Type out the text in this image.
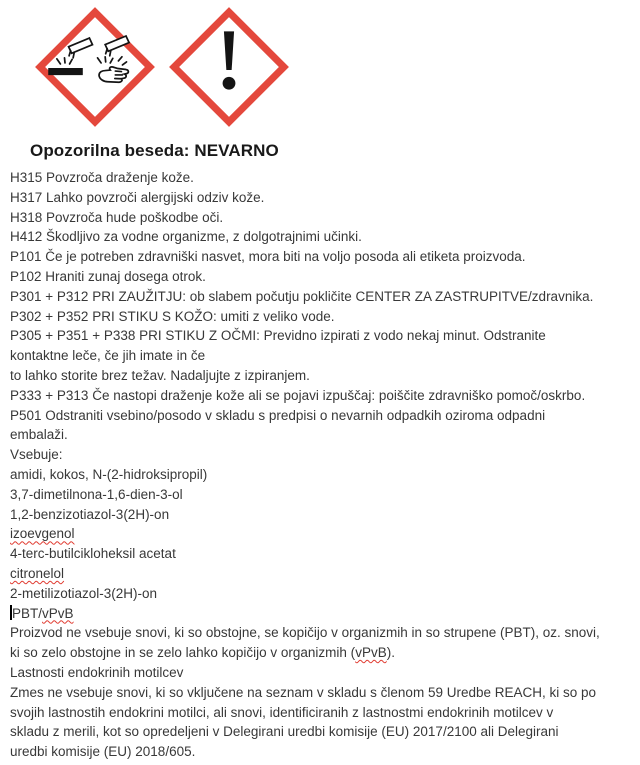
Opozorilna beseda: NEVARNO
H315 Povzroča draženje kože.
H317 Lahko povzroči alergijski odziv kože.
H318 Povzroča hude poškodbe oči.
H412 Škodljivo za vodne organizme, z dolgotrajnimi učinki.
P101 Če je potreben zdravniški nasvet, mora biti na voljo posoda ali etiketa proizvoda.
P102 Hraniti zunaj dosega otrok.
P301 + P312 PRI ZAUŽITJU: ob slabem počutju pokličite CENTER ZA ZASTRUPITVE/zdravnika.
P302 + P352 PRI STIKU S KOŽO: umiti z veliko vode.
P305 + P351 + P338 PRI STIKU Z OČMI: Previdno izpirati z vodo nekaj minut. Odstranite
kontaktne leče, če jih imate in če
to lahko storite brez težav. Nadaljujte z izpiranjem.
P333 + P313 Če nastopi draženje kože ali se pojavi izpuščaj: poiščite zdravniško pomoč/oskrbo.
P501 Odstraniti vsebino/posodo v skladu s predpisi o nevarnih odpadkih oziroma odpadni
embalaži.
Vsebuje:
amidi, kokos, N-(2-hidroksipropil)
3,7-dimetilnona-1,6-dien-3-ol
1,2-benzizotiazol-3(2H)-on
izoevgenol
4-terc-butilcikloheksil acetat
citronelol
2-metilizotiazol-3(2H)-on
PBT/vPvB
Proizvod ne vsebuje snovi, ki so obstojne, se kopičijo v organizmih in so strupene (PBT), oz. snovi,
ki so zelo obstojne in se zelo lahko kopičijo v organizmih (vPvB).
Lastnosti endokrinih motilcev
Zmes ne vsebuje snovi, ki so vključene na seznam v skladu s členom 59 Uredbe REACH, ki so po
svojih lastnostih endokrini motilci, ali snovi, identificiranih z lastnostmi endokrinih motilcev v
skladu z merili, kot so opredeljeni v Delegirani uredbi komisije (EU) 2017/2100 ali Delegirani
uredbi komisije (EU) 2018/605.
